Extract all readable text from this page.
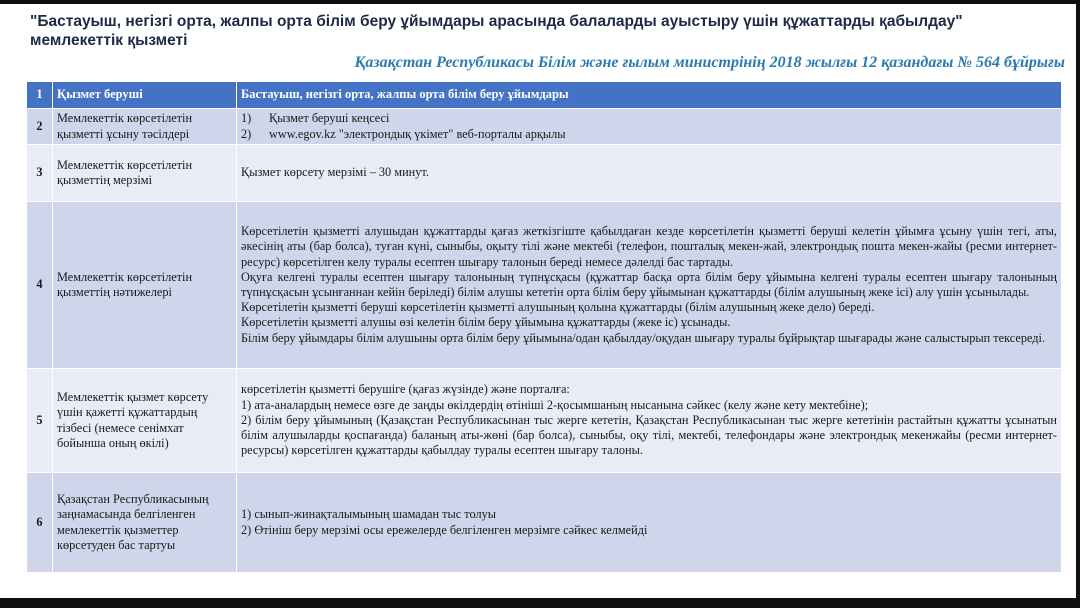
"Бастауыш, негізгі орта, жалпы орта білім беру ұйымдары арасында балаларды ауыстыру үшін құжаттарды қабылдау" мемлекеттік қызметі
Қазақстан Республикасы Білім және ғылым министрінің 2018 жылғы 12 қазандағы № 564 бұйрығы
1	Қызмет беруші	Бастауыш, негізгі орта, жалпы орта білім беру ұйымдары
2	Мемлекеттік көрсетілетін қызметті ұсыну тәсілдері	1) Қызмет беруші кеңсесі
2) www.egov.kz "электрондық үкімет" веб-порталы арқылы

3	Мемлекеттік көрсетілетін қызметтің мерзімі	Қызмет көрсету мерзімі – 30 минут.
4	Мемлекеттік көрсетілетін қызметтің нәтижелері	Көрсетілетін қызметті алушыдан құжаттарды қағаз жеткізгіште қабылдаған кезде көрсетілетін қызметті беруші келетін ұйымға ұсыну үшін тегі, аты, әкесінің аты (бар болса), туған күні, сыныбы, оқыту тілі және мектебі (телефон, пошталық мекен-жай, электрондық пошта мекен-жайы (ресми интернет-ресурс) көрсетілген келу туралы есептен шығару талонын береді немесе дәлелді бас тартады.
Оқуға келгені туралы есептен шығару талонының түпнұсқасы (құжаттар басқа орта білім беру ұйымына келгені туралы есептен шығару талонының түпнұсқасын ұсынғаннан кейін беріледі) білім алушы кететін орта білім беру ұйымынан құжаттарды (білім алушының жеке ісі) алу үшін ұсынылады.
Көрсетілетін қызметті беруші көрсетілетін қызметті алушының қолына құжаттарды (білім алушының жеке делo) береді.
Көрсетілетін қызметті алушы өзі келетін білім беру ұйымына құжаттарды (жеке іс) ұсынады.
Білім беру ұйымдары білім алушыны орта білім беру ұйымына/одан қабылдау/оқудан шығару туралы бұйрықтар шығарады және салыстырып тексереді.

5	Мемлекеттік қызмет көрсету үшін қажетті құжаттардың тізбесі (немесе сенімхат бойынша оның өкілі)	көрсетілетін қызметті берушіге (қағаз жүзінде) және порталға:
1) ата-аналардың немесе өзге де заңды өкілдердің өтініші 2-қосымшаның нысанына сәйкес (келу және кету мектебіне);
2) білім беру ұйымының (Қазақстан Республикасынан тыс жерге кететін, Қазақстан Республикасынан тыс жерге кететінін растайтын құжатты ұсынатын білім алушыларды қоспағанда) баланың аты-жөні (бар болса), сыныбы, оқу тілі, мектебі, телефондары және электрондық мекенжайы (ресми интернет-ресурсы) көрсетілген құжаттарды қабылдау туралы есептен шығару талоны.

6	Қазақстан Республикасының заңнамасында белгіленген мемлекеттік қызметтер көрсетуден бас тартуы	1) сынып-жинақталымының шамадан тыс толуы
2) Өтініш беру мерзімі осы ережелерде белгіленген мерзімге сәйкес келмейді
